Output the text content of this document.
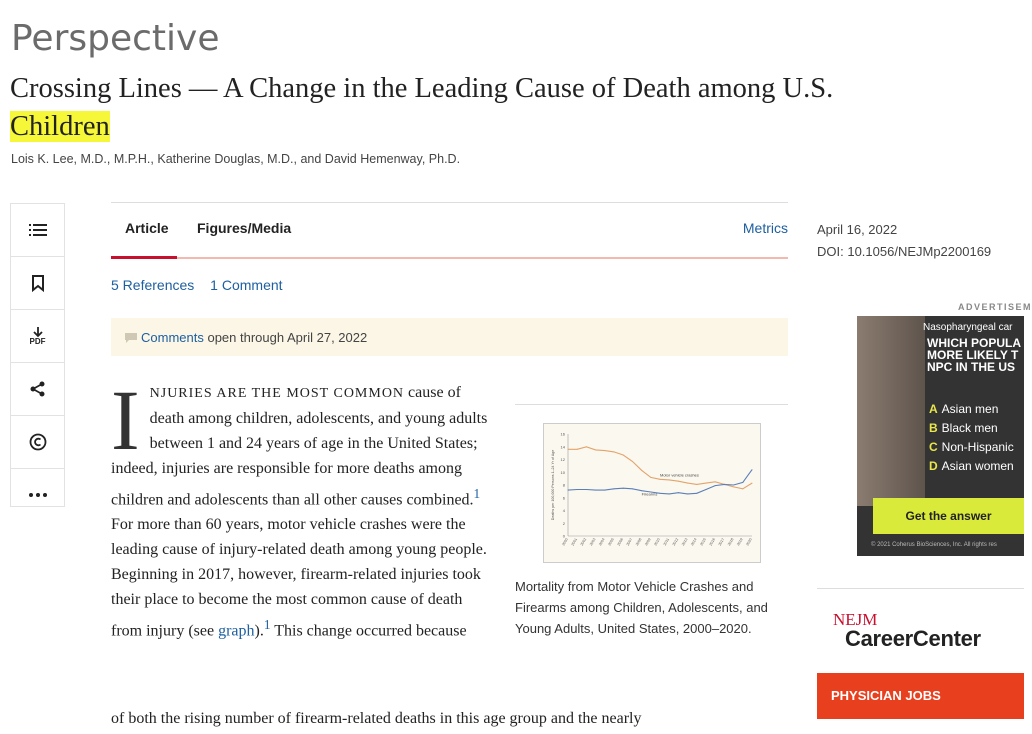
Perspective
Crossing Lines — A Change in the Leading Cause of Death among U.S.
Children
Lois K. Lee, M.D., M.P.H., Katherine Douglas, M.D., and David Hemenway, Ph.D.
PDF
Article Figures/Media	Metrics
5 References 1 Comment
Comments open through April 27, 2022
INJURIES ARE THE MOST COMMON cause of death among children, adolescents, and young adults between 1 and 24 years of age in the United States; indeed, injuries are responsible for more deaths among children and adolescents than all other causes combined.$^1$ For more than 60 years, motor vehicle crashes were the leading cause of injury-related death among young people. Beginning in 2017, however, firearm-related injuries took their place to become the most common cause of death from injury (see graph).$^1$ This change occurred because
of both the rising number of firearm-related deaths in this age group and the nearly
16
14
12
10
8
6
4
2
0
2000 2001 2002 2003 2004 2005 2006 2007 2008 2009 2010 2011 2012 2013 2014 2015 2016 2017 2018 2019 2020
Deaths per 100,000 Persons 1–24 Yr of Age	Motor vehicle crashes
Firearms
Mortality from Motor Vehicle Crashes and Firearms among Children, Adolescents, and Young Adults, United States, 2000–2020.
April 16, 2022
DOI: 10.1056/NEJMp2200169
ADVERTISEM
Nasopharyngeal car
WHICH POPULA MORE LIKELY T NPC IN THE US
A Asian men
B Black men
C Non-Hispanic
D Asian women
Get the answer
© 2021 Coherus BioSciences, Inc. All rights res
NEJM
CareerCenter
PHYSICIAN JOBS
